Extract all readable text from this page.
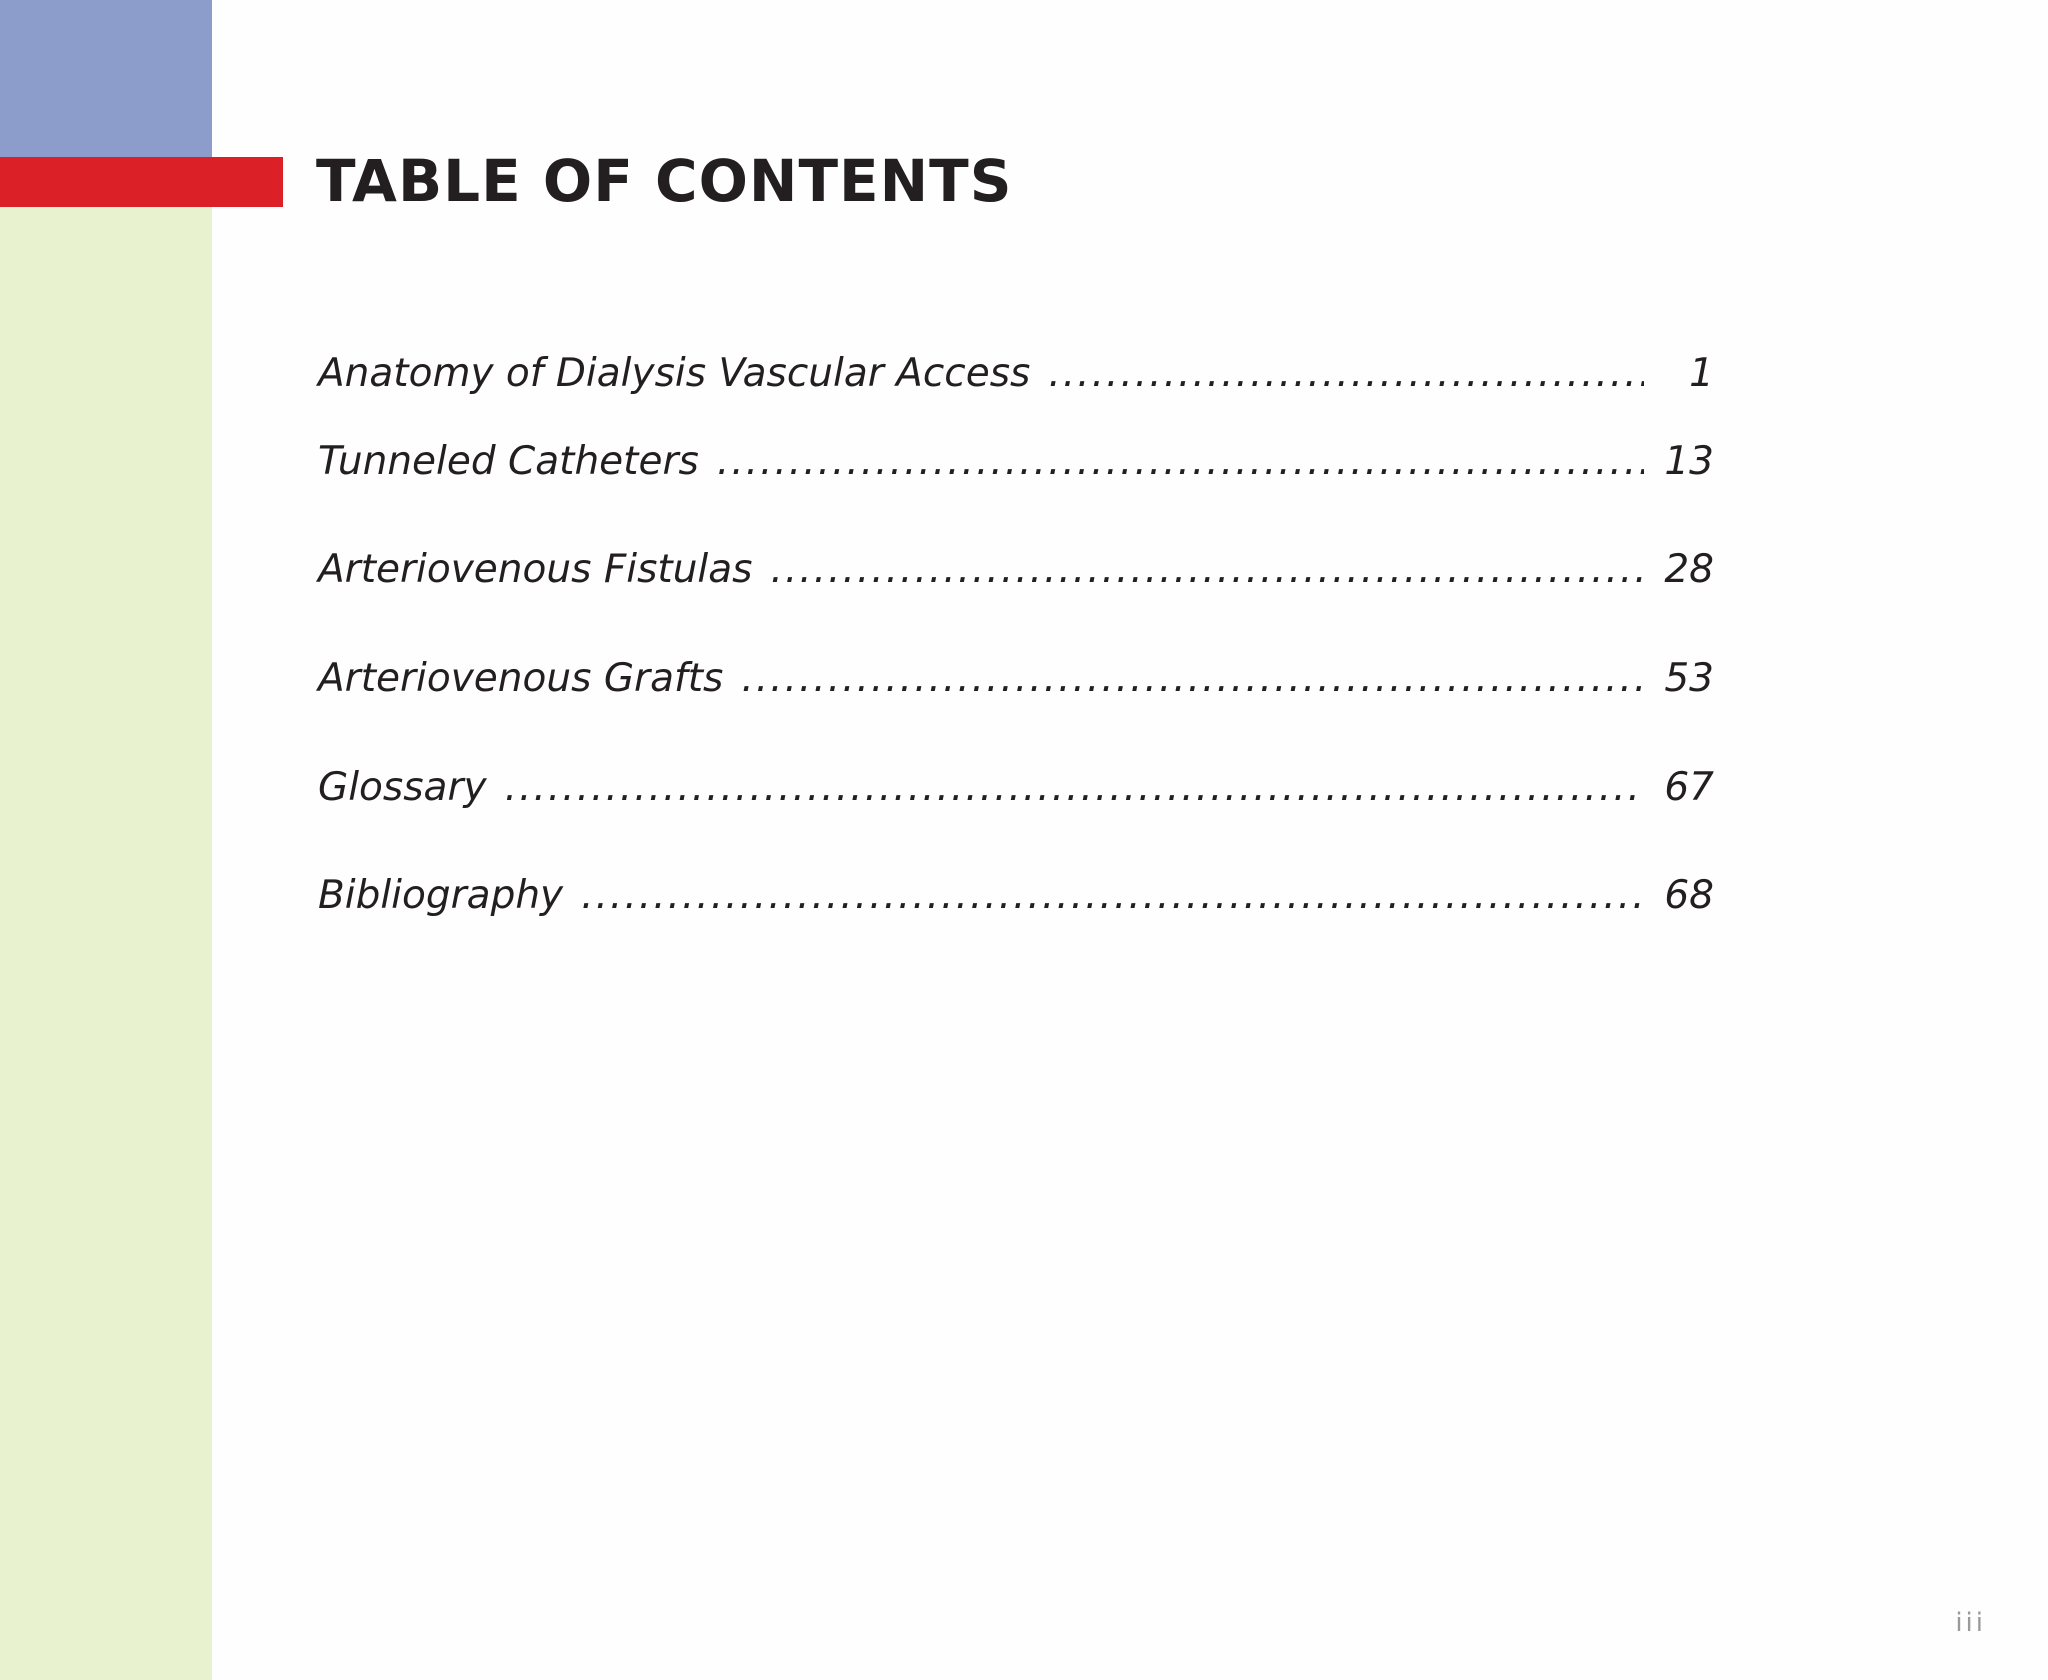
TABLE OF CONTENTS
Anatomy of Dialysis Vascular Access .....	1
Tunneled Catheters .....	13
Arteriovenous Fistulas .....	28
Arteriovenous Grafts .....	53
Glossary .....	67
Bibliography .....	68
iii
